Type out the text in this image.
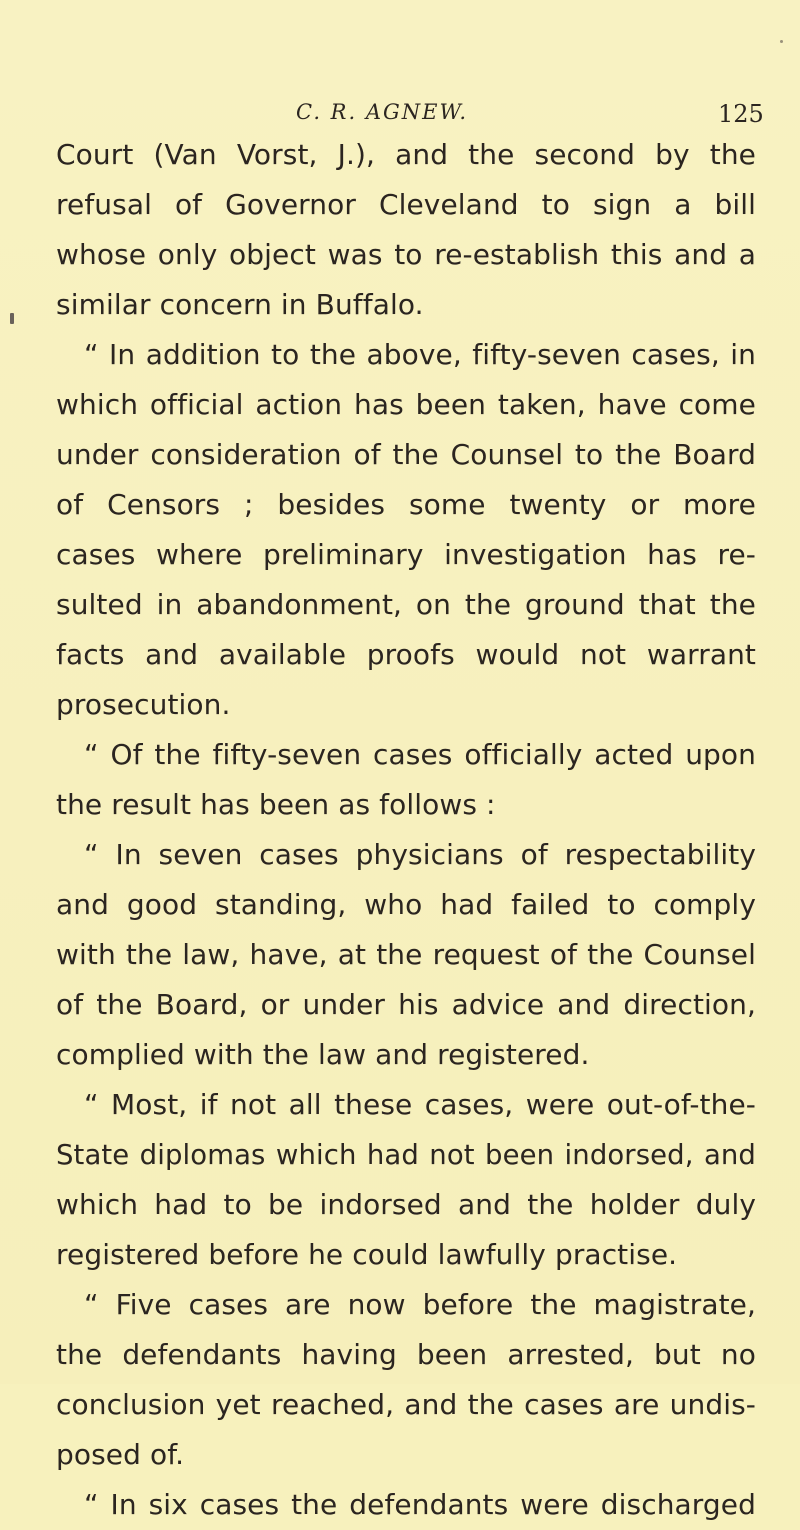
C. R. AGNEW.	125
Court (Van Vorst, J.), and the second by the
refusal of Governor Cleveland to sign a bill
whose only object was to re-establish this and a
similar concern in Buffalo.
“ In addition to the above, fifty-seven cases, in
which official action has been taken, have come
under consideration of the Counsel to the Board
of Censors ; besides some twenty or more
cases where preliminary investigation has re-
sulted in abandonment, on the ground that the
facts and available proofs would not warrant
prosecution.
“ Of the fifty-seven cases officially acted upon
the result has been as follows :
“ In seven cases physicians of respectability
and good standing, who had failed to comply
with the law, have, at the request of the Counsel
of the Board, or under his advice and direction,
complied with the law and registered.
“ Most, if not all these cases, were out-of-the-
State diplomas which had not been indorsed, and
which had to be indorsed and the holder duly
registered before he could lawfully practise.
“ Five cases are now before the magistrate,
the defendants having been arrested, but no
conclusion yet reached, and the cases are undis-
posed of.
“ In six cases the defendants were discharged
